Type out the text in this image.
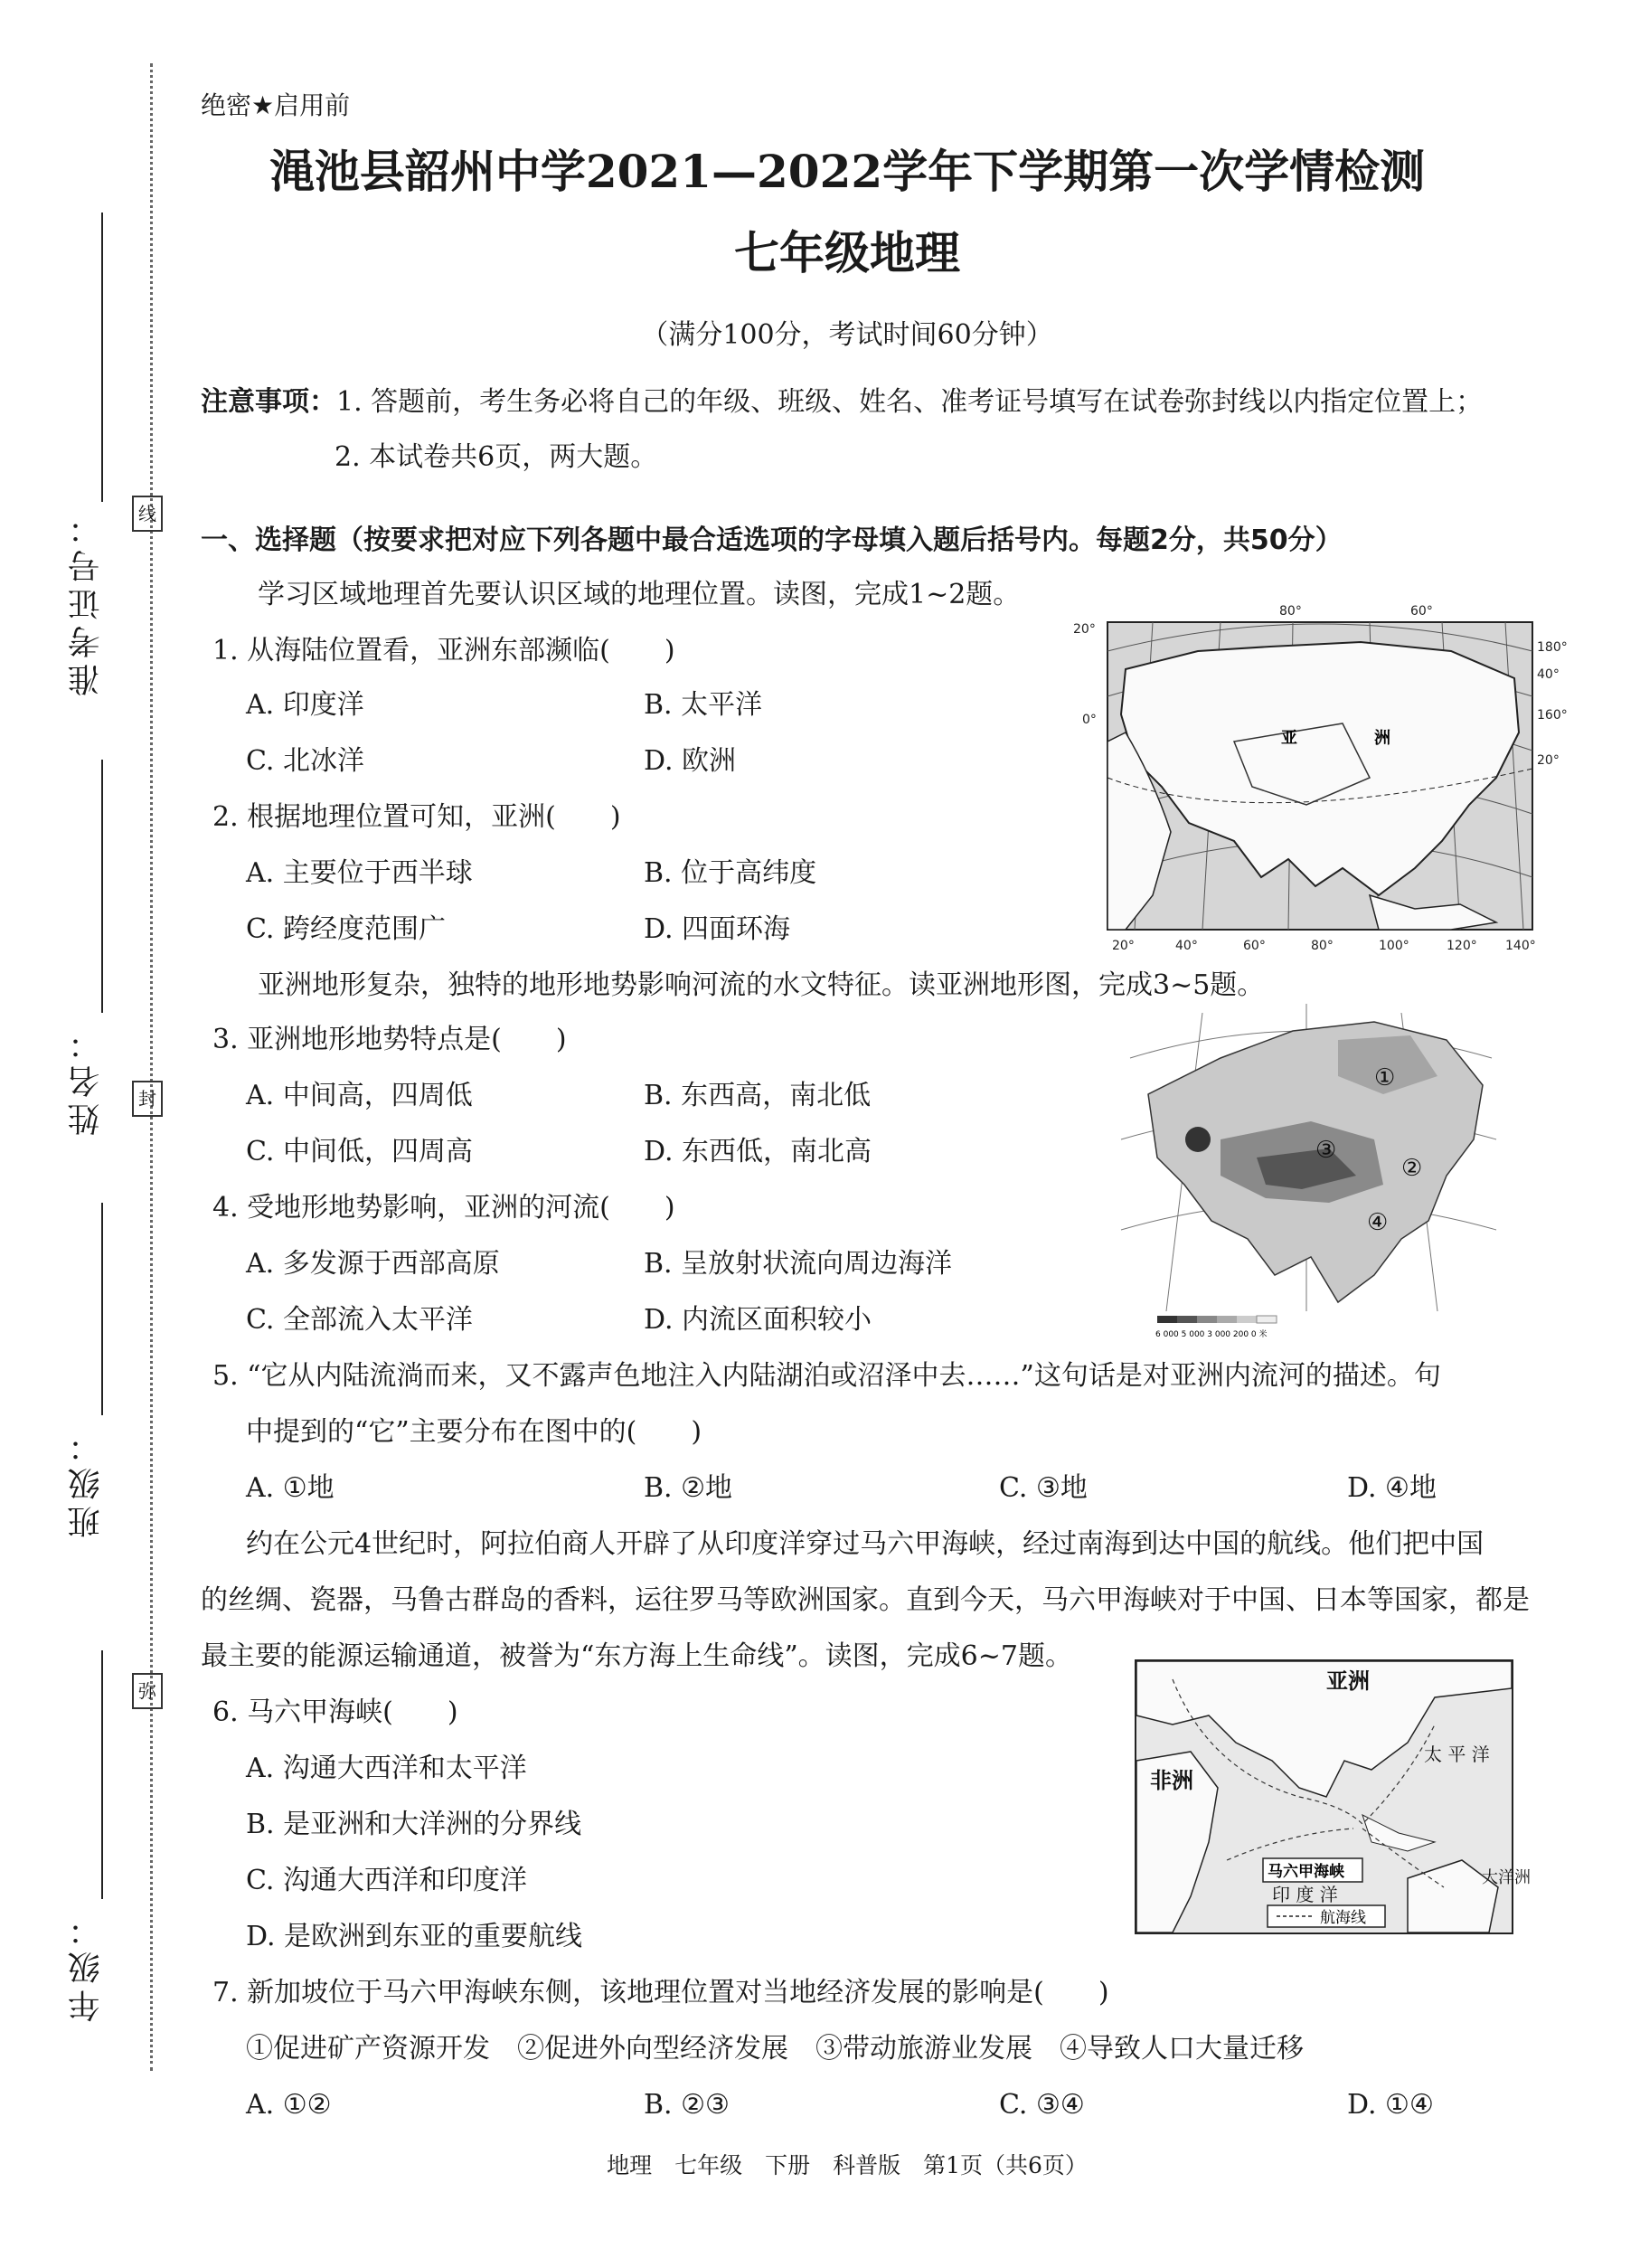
准考证号：	线
姓名：	封
班级：
弥
年级：
绝密★启用前
渑池县韶州中学2021—2022学年下学期第一次学情检测
七年级地理
（满分100分，考试时间60分钟）
注意事项：1. 答题前，考生务必将自己的年级、班级、姓名、准考证号填写在试卷弥封线以内指定位置上；
2. 本试卷共6页，两大题。
一、选择题（按要求把对应下列各题中最合适选项的字母填入题后括号内。每题2分，共50分）
学习区域地理首先要认识区域的地理位置。读图，完成1~2题。
1. 从海陆位置看，亚洲东部濒临(　　)
A. 印度洋	B. 太平洋
C. 北冰洋	D. 欧洲
2. 根据地理位置可知，亚洲(　　)
A. 主要位于西半球	B. 位于高纬度
C. 跨经度范围广	D. 四面环海
亚	洲
80°	60°
20°
0°
180°
40°
160°
20°
20°	40°	60°	80°	100°	120° 140°
亚洲地形复杂，独特的地形地势影响河流的水文特征。读亚洲地形图，完成3~5题。
3. 亚洲地形地势特点是(　　)
A. 中间高，四周低	B. 东西高，南北低
C. 中间低，四周高	D. 东西低，南北高
4. 受地形地势影响，亚洲的河流(　　)
A. 多发源于西部高原	B. 呈放射状流向周边海洋
C. 全部流入太平洋	D. 内流区面积较小
①
②
③
④
6 000 5 000 3 000 200 0 米
5. “它从内陆流淌而来，又不露声色地注入内陆湖泊或沼泽中去……”这句话是对亚洲内流河的描述。句
中提到的“它”主要分布在图中的(　　)
A. ①地	B. ②地	C. ③地	D. ④地
约在公元4世纪时，阿拉伯商人开辟了从印度洋穿过马六甲海峡，经过南海到达中国的航线。他们把中国
的丝绸、瓷器，马鲁古群岛的香料，运往罗马等欧洲国家。直到今天，马六甲海峡对于中国、日本等国家，都是
最主要的能源运输通道，被誉为“东方海上生命线”。读图，完成6~7题。
6. 马六甲海峡(　　)
A. 沟通大西洋和太平洋
B. 是亚洲和大洋洲的分界线
C. 沟通大西洋和印度洋
D. 是欧洲到东亚的重要航线
亚洲
非洲
太 平 洋
印 度 洋
大洋洲
马六甲海峡
航海线
7. 新加坡位于马六甲海峡东侧，该地理位置对当地经济发展的影响是(　　)
①促进矿产资源开发　②促进外向型经济发展　③带动旅游业发展　④导致人口大量迁移
A. ①②	B. ②③	C. ③④	D. ①④
地理　七年级　下册　科普版　第1页（共6页）
